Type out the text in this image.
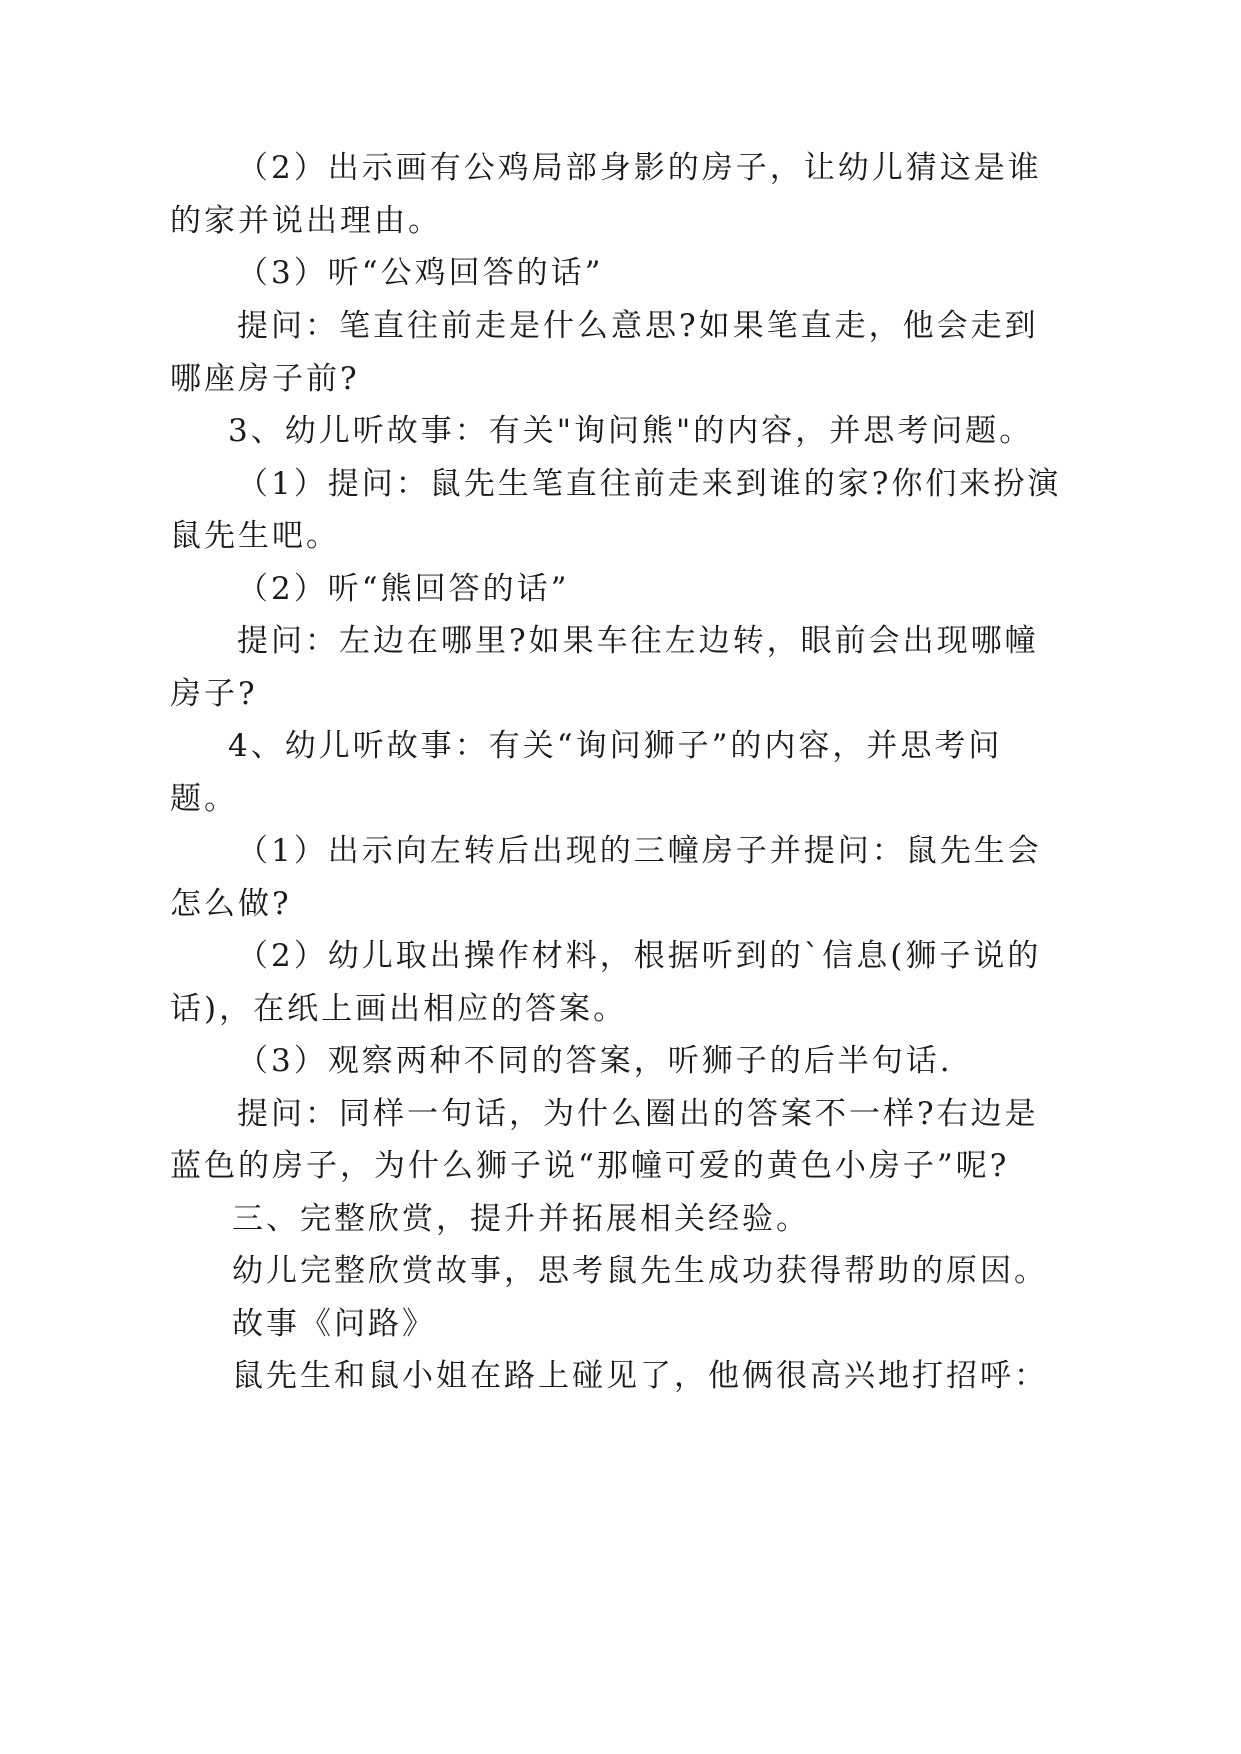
（2）出示画有公鸡局部身影的房子，让幼儿猜这是谁
的家并说出理由。
（3）听“公鸡回答的话”
提问：笔直往前走是什么意思?如果笔直走，他会走到
哪座房子前?
3、幼儿听故事：有关"询问熊"的内容，并思考问题。
（1）提问：鼠先生笔直往前走来到谁的家?你们来扮演
鼠先生吧。
（2）听“熊回答的话”
提问：左边在哪里?如果车往左边转，眼前会出现哪幢
房子?
4、幼儿听故事：有关“询问狮子”的内容，并思考问
题。
（1）出示向左转后出现的三幢房子并提问：鼠先生会
怎么做?
（2）幼儿取出操作材料，根据听到的`信息(狮子说的
话)，在纸上画出相应的答案。
（3）观察两种不同的答案，听狮子的后半句话.
提问：同样一句话，为什么圈出的答案不一样?右边是
蓝色的房子，为什么狮子说“那幢可爱的黄色小房子”呢?
三、完整欣赏，提升并拓展相关经验。
幼儿完整欣赏故事，思考鼠先生成功获得帮助的原因。
故事《问路》
鼠先生和鼠小姐在路上碰见了，他俩很高兴地打招呼：
